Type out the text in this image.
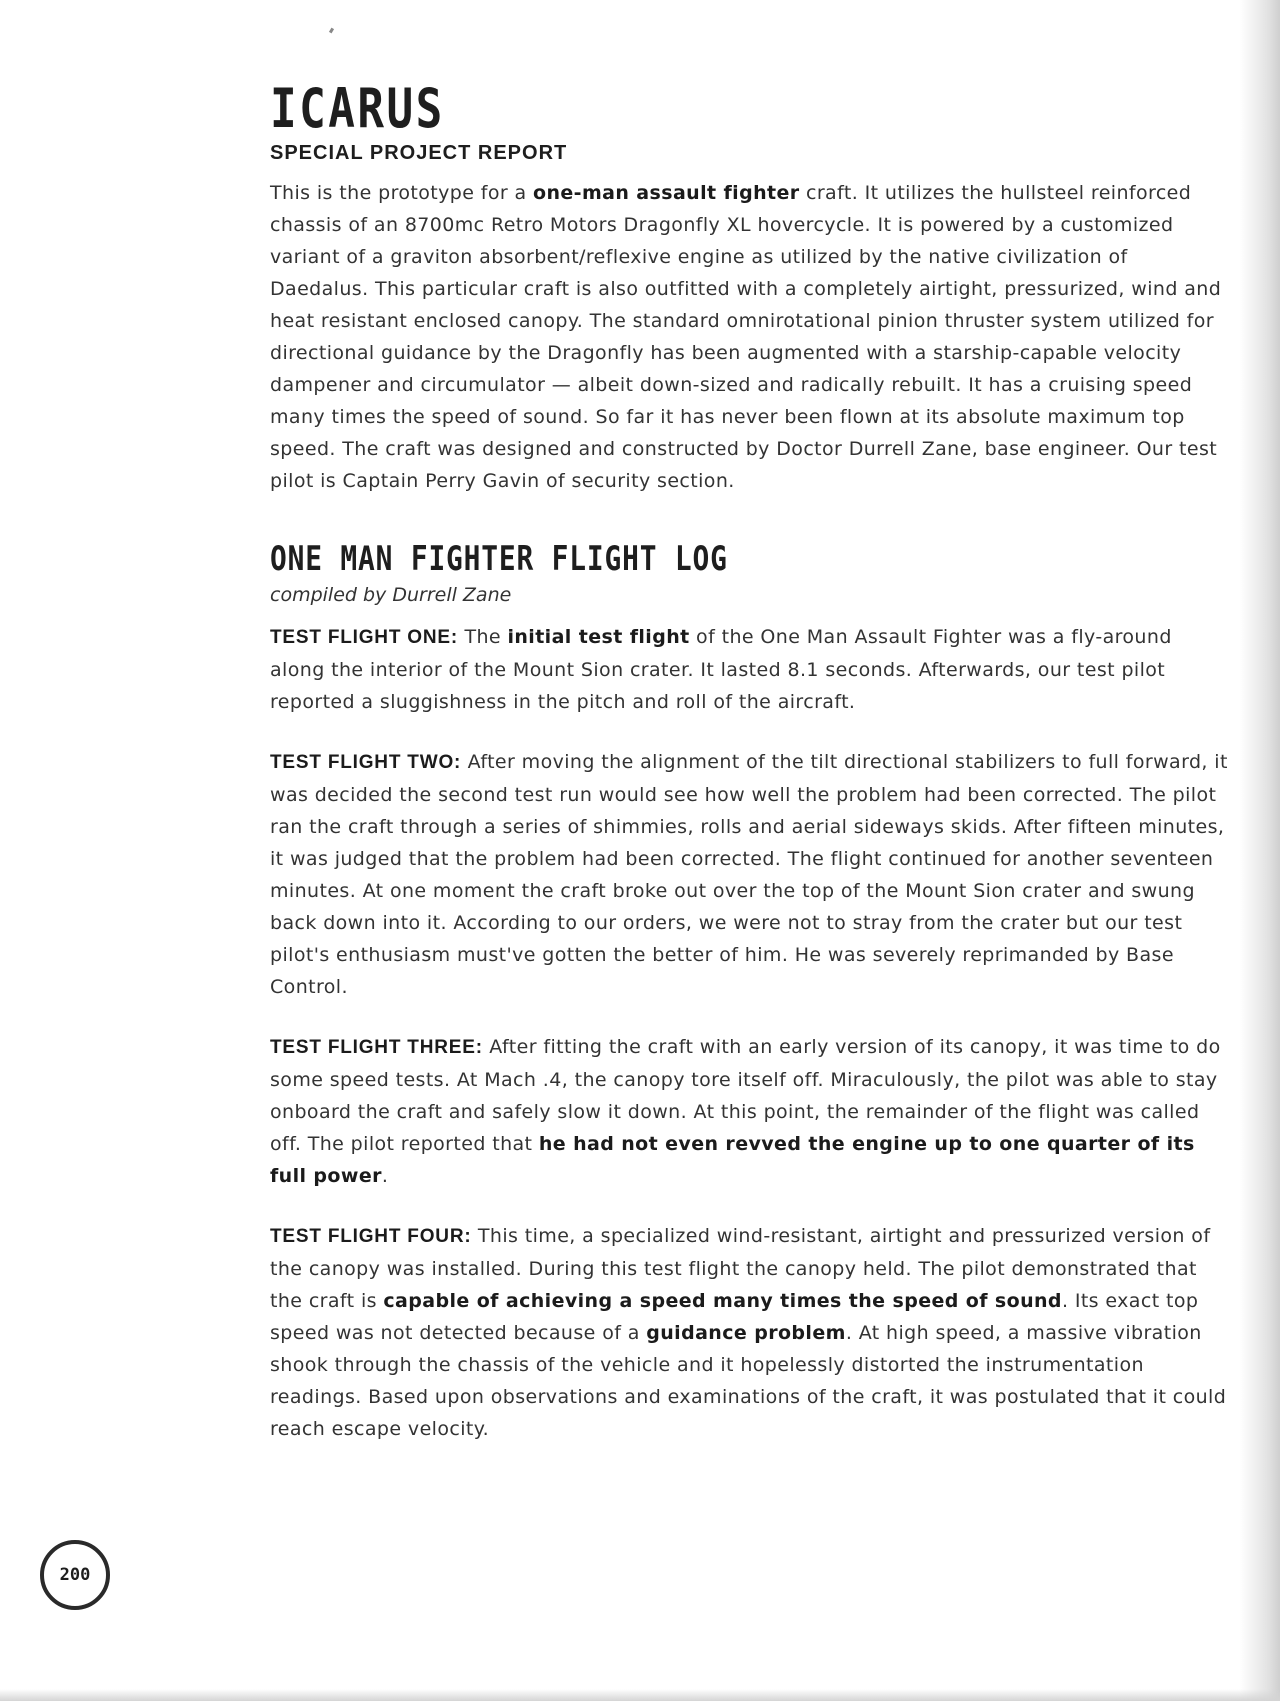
ICARUS
SPECIAL PROJECT REPORT

This is the prototype for a one-man assault fighter craft. It utilizes the hullsteel reinforced chassis of an 8700mc Retro Motors Dragonfly XL hovercycle. It is powered by a customized variant of a graviton absorbent/reflexive engine as utilized by the native civilization of Daedalus. This particular craft is also outfitted with a completely airtight, pressurized, wind and heat resistant enclosed canopy. The standard omnirotational pinion thruster system utilized for directional guidance by the Dragonfly has been augmented with a starship-capable velocity dampener and circumulator — albeit down-sized and radically rebuilt. It has a cruising speed many times the speed of sound. So far it has never been flown at its absolute maximum top speed. The craft was designed and constructed by Doctor Durrell Zane, base engineer. Our test pilot is Captain Perry Gavin of security section.

ONE MAN FIGHTER FLIGHT LOG
compiled by Durrell Zane

TEST FLIGHT ONE: The initial test flight of the One Man Assault Fighter was a fly-around along the interior of the Mount Sion crater. It lasted 8.1 seconds. Afterwards, our test pilot reported a sluggishness in the pitch and roll of the aircraft.

TEST FLIGHT TWO: After moving the alignment of the tilt directional stabilizers to full forward, it was decided the second test run would see how well the problem had been corrected. The pilot ran the craft through a series of shimmies, rolls and aerial sideways skids. After fifteen minutes, it was judged that the problem had been corrected. The flight continued for another seventeen minutes. At one moment the craft broke out over the top of the Mount Sion crater and swung back down into it. According to our orders, we were not to stray from the crater but our test pilot's enthusiasm must've gotten the better of him. He was severely reprimanded by Base Control.

TEST FLIGHT THREE: After fitting the craft with an early version of its canopy, it was time to do some speed tests. At Mach .4, the canopy tore itself off. Miraculously, the pilot was able to stay onboard the craft and safely slow it down. At this point, the remainder of the flight was called off. The pilot reported that he had not even revved the engine up to one quarter of its full power.

TEST FLIGHT FOUR: This time, a specialized wind-resistant, airtight and pressurized version of the canopy was installed. During this test flight the canopy held. The pilot demonstrated that the craft is capable of achieving a speed many times the speed of sound. Its exact top speed was not detected because of a guidance problem. At high speed, a massive vibration shook through the chassis of the vehicle and it hopelessly distorted the instrumentation readings. Based upon observations and examinations of the craft, it was postulated that it could reach escape velocity.

200
